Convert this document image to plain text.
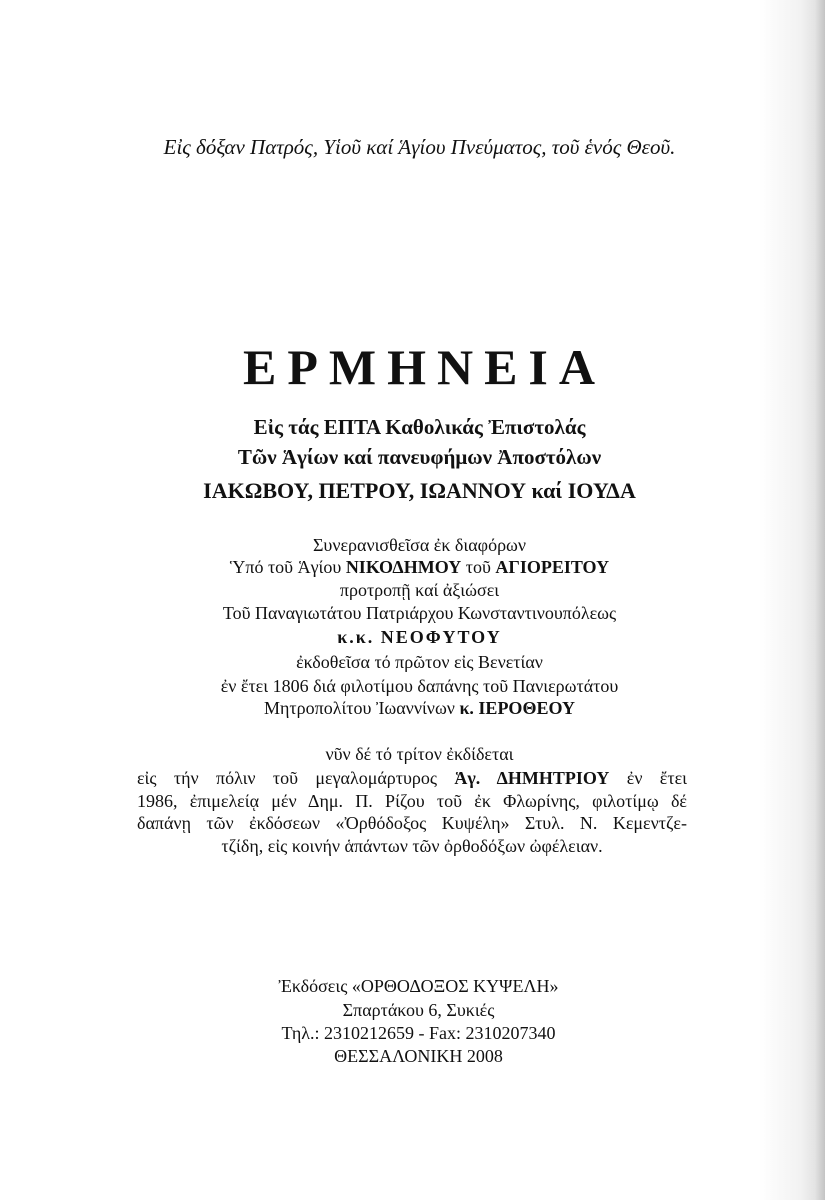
Εἰς δόξαν Πατρός, Υἱοῦ καί Ἁγίου Πνεύματος, τοῦ ἑνός Θεοῦ.
ΕΡΜΗΝΕΙΑ
Εἰς τάς ΕΠΤΑ Καθολικάς Ἐπιστολάς
Τῶν Ἁγίων καί πανευφήμων Ἀποστόλων
ΙΑΚΩΒΟΥ, ΠΕΤΡΟΥ, ΙΩΑΝΝΟΥ καί ΙΟΥΔΑ
Συνερανισθεῖσα ἐκ διαφόρων
Ὑπό τοῦ Ἁγίου ΝΙΚΟΔΗΜΟΥ τοῦ ΑΓΙΟΡΕΙΤΟΥ
προτροπῇ καί ἀξιώσει
Τοῦ Παναγιωτάτου Πατριάρχου Κωνσταντινουπόλεως
κ.κ. ΝΕΟΦΥΤΟΥ
ἐκδοθεῖσα τό πρῶτον εἰς Βενετίαν
ἐν ἔτει 1806 διά φιλοτίμου δαπάνης τοῦ Πανιερωτάτου
Μητροπολίτου Ἰωαννίνων κ. ΙΕΡΟΘΕΟΥ
νῦν δέ τό τρίτον ἐκδίδεται
εἰς τήν πόλιν τοῦ μεγαλομάρτυρος Ἁγ. ΔΗΜΗΤΡΙΟΥ ἐν ἔτει
1986, ἐπιμελείᾳ μέν Δημ. Π. Ρίζου τοῦ ἐκ Φλωρίνης, φιλοτίμῳ δέ
δαπάνῃ τῶν ἐκδόσεων «Ὀρθόδοξος Κυψέλη» Στυλ. Ν. Κεμεντζε-
τζίδη, εἰς κοινήν ἁπάντων τῶν ὀρθοδόξων ὠφέλειαν.
Ἐκδόσεις «ΟΡΘΟΔΟΞΟΣ ΚΥΨΕΛΗ»
Σπαρτάκου 6, Συκιές
Τηλ.: 2310212659 - Fax: 2310207340
ΘΕΣΣΑΛΟΝΙΚΗ 2008
